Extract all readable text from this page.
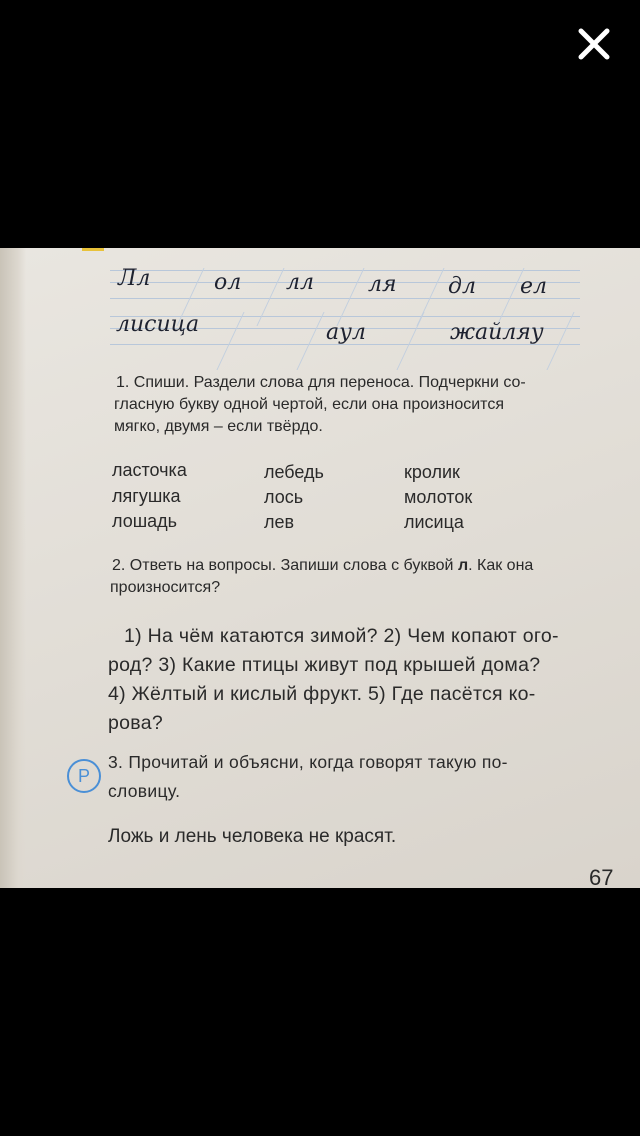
Лл	ол лл ля дл ел
лисица	аул	жайляу
1. Спиши. Раздели слова для переноса. Подчеркни со-
гласную букву одной чертой, если она произносится
мягко, двумя – если твёрдо.
ласточка	лебедь	кролик
лягушка	лось	молоток
лошадь	лев	лисица
2. Ответь на вопросы. Запиши слова с буквой л. Как она
произносится?
1) На чём катаются зимой? 2) Чем копают ого-
род? 3) Какие птицы живут под крышей дома?
4) Жёлтый и кислый фрукт. 5) Где пасётся ко-
рова?
Р
3. Прочитай и объясни, когда говорят такую по-
словицу.
Ложь и лень человека не красят.
67
